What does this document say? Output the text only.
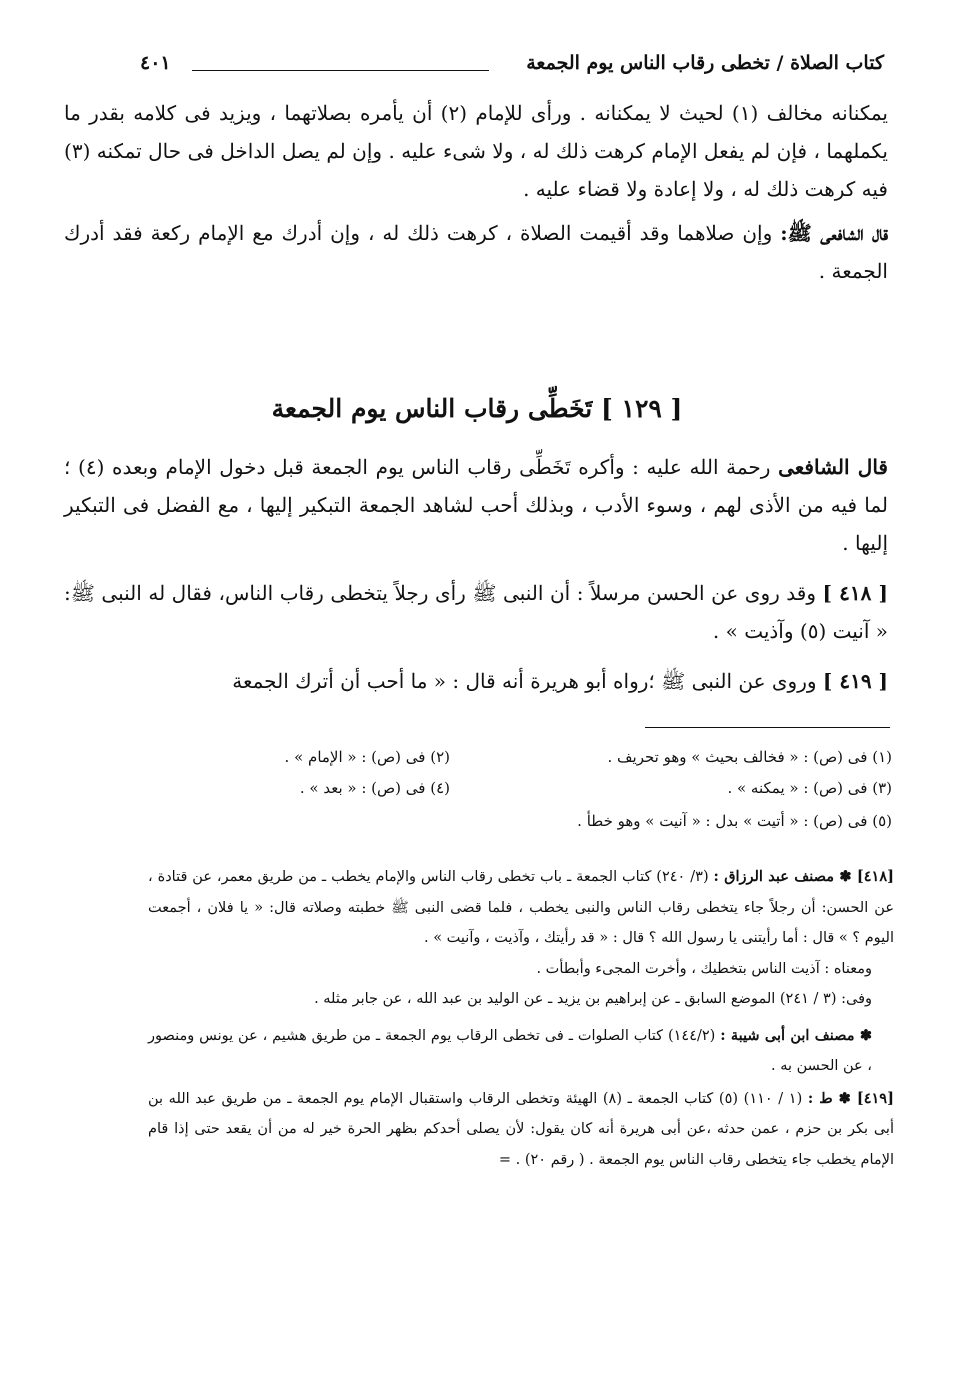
كتاب الصلاة / تخطى رقاب الناس يوم الجمعة
٤٠١

يمكنانه مخالف (١) لحيث لا يمكنانه . ورأى للإمام (٢) أن يأمره بصلاتهما ، ويزيد فى كلامه بقدر ما يكملهما ، فإن لم يفعل الإمام كرهت ذلك له ، ولا شىء عليه . وإن لم يصل الداخل فى حال تمكنه (٣) فيه كرهت ذلك له ، ولا إعادة ولا قضاء عليه .

قال الشافعى ﷺ: وإن صلاهما وقد أقيمت الصلاة ، كرهت ذلك له ، وإن أدرك مع الإمام ركعة فقد أدرك الجمعة .

[ ١٢٩ ] تَخَطِّى رقاب الناس يوم الجمعة

قال الشافعى رحمة الله عليه : وأكره تَخَطِّى رقاب الناس يوم الجمعة قبل دخول الإمام وبعده (٤) ؛ لما فيه من الأذى لهم ، وسوء الأدب ، وبذلك أحب لشاهد الجمعة التبكير إليها ، مع الفضل فى التبكير إليها .

[ ٤١٨ ] وقد روى عن الحسن مرسلاً : أن النبى ﷺ رأى رجلاً يتخطى رقاب الناس، فقال له النبى ﷺ: « آنيت (٥) وآذيت » .

[ ٤١٩ ] وروى عن النبى ﷺ ؛رواه أبو هريرة أنه قال : « ما أحب أن أترك الجمعة

(١) فى (ص) : « فخالف بحيث » وهو تحريف .
(٢) فى (ص) : « الإمام » .
(٣) فى (ص) : « يمكنه » .
(٤) فى (ص) : « بعد » .
(٥) فى (ص) : « أتيت » بدل : « آنيت » وهو خطأ .

[٤١٨] ✽ مصنف عبد الرزاق : (٣/ ٢٤٠) كتاب الجمعة ـ باب تخطى رقاب الناس والإمام يخطب ـ من طريق معمر، عن قتادة ، عن الحسن: أن رجلاً جاء يتخطى رقاب الناس والنبى يخطب ، فلما قضى النبى ﷺ خطبته وصلاته قال: « يا فلان ، أجمعت اليوم ؟ » قال : أما رأيتنى يا رسول الله ؟ قال : « قد رأيتك ، وآذيت ، وآنيت » .

ومعناه : آذيت الناس بتخطيك ، وأخرت المجىء وأبطأت .

وفى: (٣ / ٢٤١) الموضع السابق ـ عن إبراهيم بن يزيد ـ عن الوليد بن عبد الله ، عن جابر مثله .

✽ مصنف ابن أبى شيبة : (١٤٤/٢) كتاب الصلوات ـ فى تخطى الرقاب يوم الجمعة ـ من طريق هشيم ، عن يونس ومنصور ، عن الحسن به .

[٤١٩] ✽ ط : (١ / ١١٠) (٥) كتاب الجمعة ـ (٨) الهيئة وتخطى الرقاب واستقبال الإمام يوم الجمعة ـ من طريق عبد الله بن أبى بكر بن حزم ، عمن حدثه ،عن أبى هريرة أنه كان يقول: لأن يصلى أحدكم بظهر الحرة خير له من أن يقعد حتى إذا قام الإمام يخطب جاء يتخطى رقاب الناس يوم الجمعة . ( رقم ٢٠) . =
